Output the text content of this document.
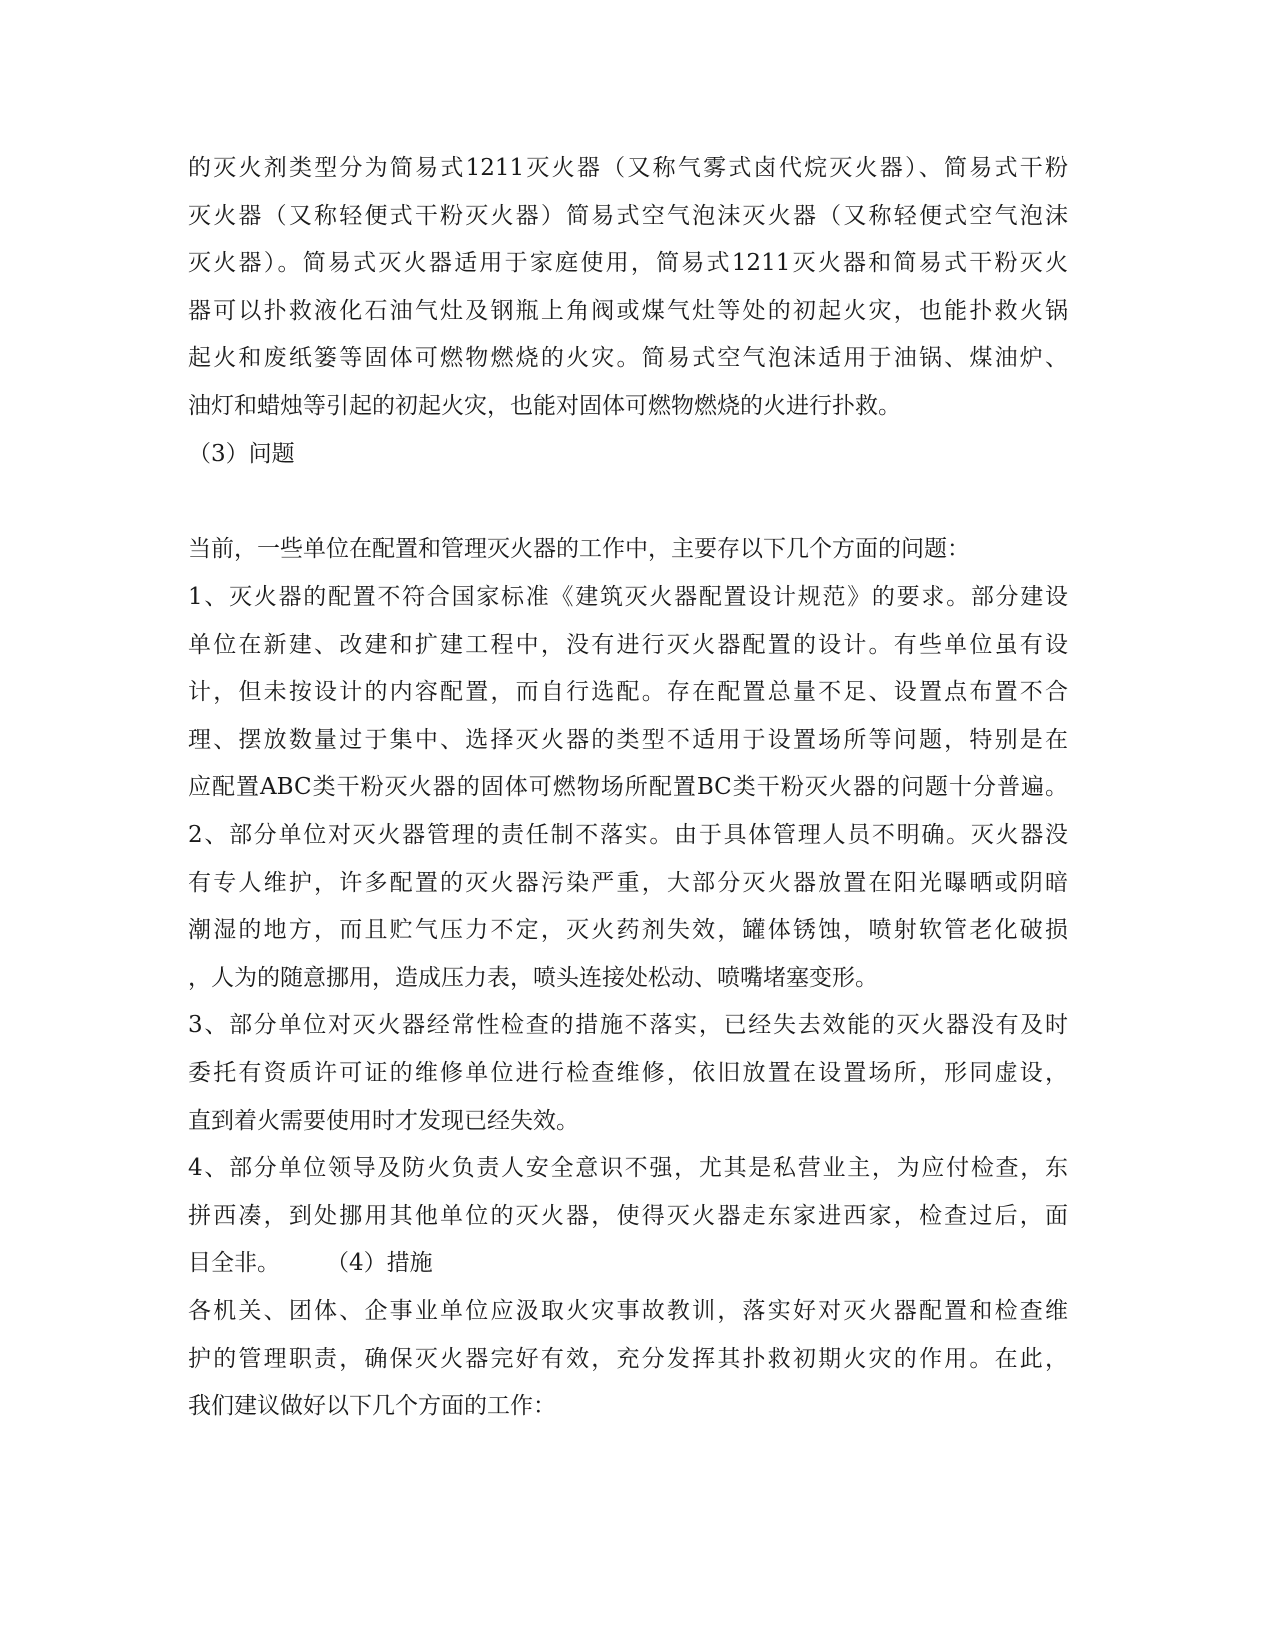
的灭火剂类型分为简易式1211灭火器（又称气雾式卤代烷灭火器）、简易式干粉
灭火器（又称轻便式干粉灭火器）简易式空气泡沫灭火器（又称轻便式空气泡沫
灭火器）。简易式灭火器适用于家庭使用，简易式1211灭火器和简易式干粉灭火
器可以扑救液化石油气灶及钢瓶上角阀或煤气灶等处的初起火灾，也能扑救火锅
起火和废纸篓等固体可燃物燃烧的火灾。简易式空气泡沫适用于油锅、煤油炉、
油灯和蜡烛等引起的初起火灾，也能对固体可燃物燃烧的火进行扑救。
（3）问题
当前，一些单位在配置和管理灭火器的工作中，主要存以下几个方面的问题：
1、灭火器的配置不符合国家标准《建筑灭火器配置设计规范》的要求。部分建设
单位在新建、改建和扩建工程中，没有进行灭火器配置的设计。有些单位虽有设
计，但未按设计的内容配置，而自行选配。存在配置总量不足、设置点布置不合
理、摆放数量过于集中、选择灭火器的类型不适用于设置场所等问题，特别是在
应配置ABC类干粉灭火器的固体可燃物场所配置BC类干粉灭火器的问题十分普遍。
2、部分单位对灭火器管理的责任制不落实。由于具体管理人员不明确。灭火器没
有专人维护，许多配置的灭火器污染严重，大部分灭火器放置在阳光曝晒或阴暗
潮湿的地方，而且贮气压力不定，灭火药剂失效，罐体锈蚀，喷射软管老化破损
，人为的随意挪用，造成压力表，喷头连接处松动、喷嘴堵塞变形。
3、部分单位对灭火器经常性检查的措施不落实，已经失去效能的灭火器没有及时
委托有资质许可证的维修单位进行检查维修，依旧放置在设置场所，形同虚设，
直到着火需要使用时才发现已经失效。
4、部分单位领导及防火负责人安全意识不强，尤其是私营业主，为应付检查，东
拼西凑，到处挪用其他单位的灭火器，使得灭火器走东家进西家，检查过后，面
目全非。　　　（4）措施
各机关、团体、企事业单位应汲取火灾事故教训，落实好对灭火器配置和检查维
护的管理职责，确保灭火器完好有效，充分发挥其扑救初期火灾的作用。在此，
我们建议做好以下几个方面的工作：
